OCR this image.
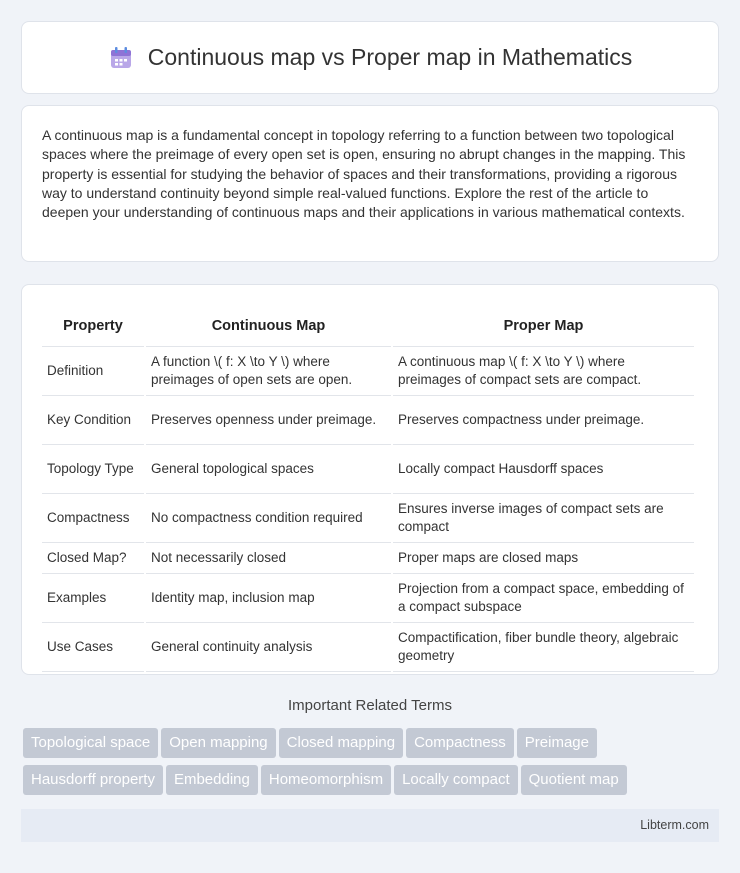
Continuous map vs Proper map in Mathematics

A continuous map is a fundamental concept in topology referring to a function between two topological spaces where the preimage of every open set is open, ensuring no abrupt changes in the mapping. This property is essential for studying the behavior of spaces and their transformations, providing a rigorous way to understand continuity beyond simple real-valued functions. Explore the rest of the article to deepen your understanding of continuous maps and their applications in various mathematical contexts.

Property	Continuous Map	Proper Map
Definition	A function \( f: X \to Y \) where preimages of open sets are open.	A continuous map \( f: X \to Y \) where preimages of compact sets are compact.
Key Condition	Preserves openness under preimage.	Preserves compactness under preimage.
Topology Type	General topological spaces	Locally compact Hausdorff spaces
Compactness	No compactness condition required	Ensures inverse images of compact sets are compact
Closed Map?	Not necessarily closed	Proper maps are closed maps
Examples	Identity map, inclusion map	Projection from a compact space, embedding of a compact subspace
Use Cases	General continuity analysis	Compactification, fiber bundle theory, algebraic geometry
Important Related Terms
Topological space	Open mapping	Closed mapping	Compactness	Preimage
Hausdorff property	Embedding	Homeomorphism	Locally compact	Quotient map
Libterm.com
